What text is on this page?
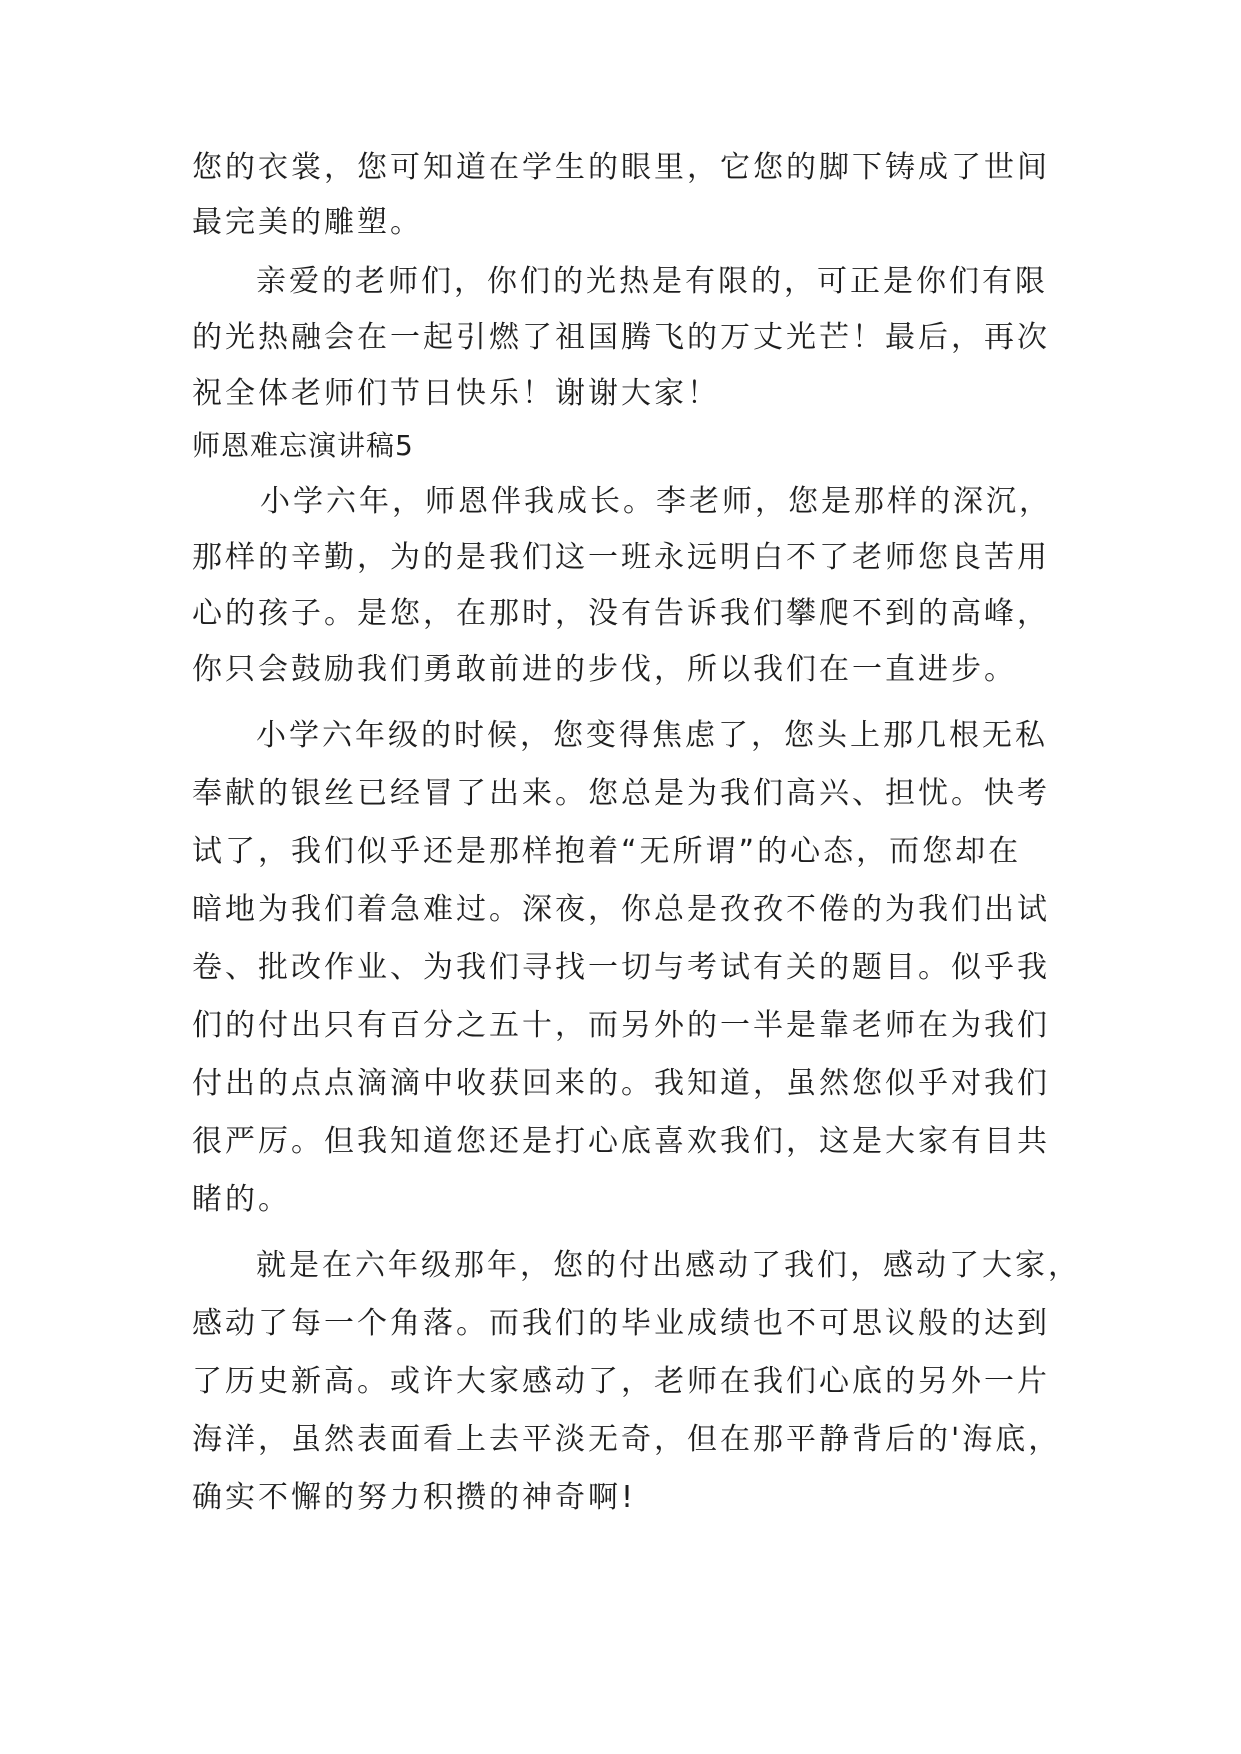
您的衣裳，您可知道在学生的眼里，它您的脚下铸成了世间
最完美的雕塑。
亲爱的老师们，你们的光热是有限的，可正是你们有限
的光热融会在一起引燃了祖国腾飞的万丈光芒！最后，再次
祝全体老师们节日快乐！谢谢大家！
师恩难忘演讲稿5
小学六年，师恩伴我成长。李老师，您是那样的深沉，
那样的辛勤，为的是我们这一班永远明白不了老师您良苦用
心的孩子。是您，在那时，没有告诉我们攀爬不到的高峰，
你只会鼓励我们勇敢前进的步伐，所以我们在一直进步。
小学六年级的时候，您变得焦虑了，您头上那几根无私
奉献的银丝已经冒了出来。您总是为我们高兴、担忧。快考
试了，我们似乎还是那样抱着“无所谓”的心态，而您却在
暗地为我们着急难过。深夜，你总是孜孜不倦的为我们出试
卷、批改作业、为我们寻找一切与考试有关的题目。似乎我
们的付出只有百分之五十，而另外的一半是靠老师在为我们
付出的点点滴滴中收获回来的。我知道，虽然您似乎对我们
很严厉。但我知道您还是打心底喜欢我们，这是大家有目共
睹的。
就是在六年级那年，您的付出感动了我们，感动了大家，
感动了每一个角落。而我们的毕业成绩也不可思议般的达到
了历史新高。或许大家感动了，老师在我们心底的另外一片
海洋，虽然表面看上去平淡无奇，但在那平静背后的'海底，
确实不懈的努力积攒的神奇啊!
